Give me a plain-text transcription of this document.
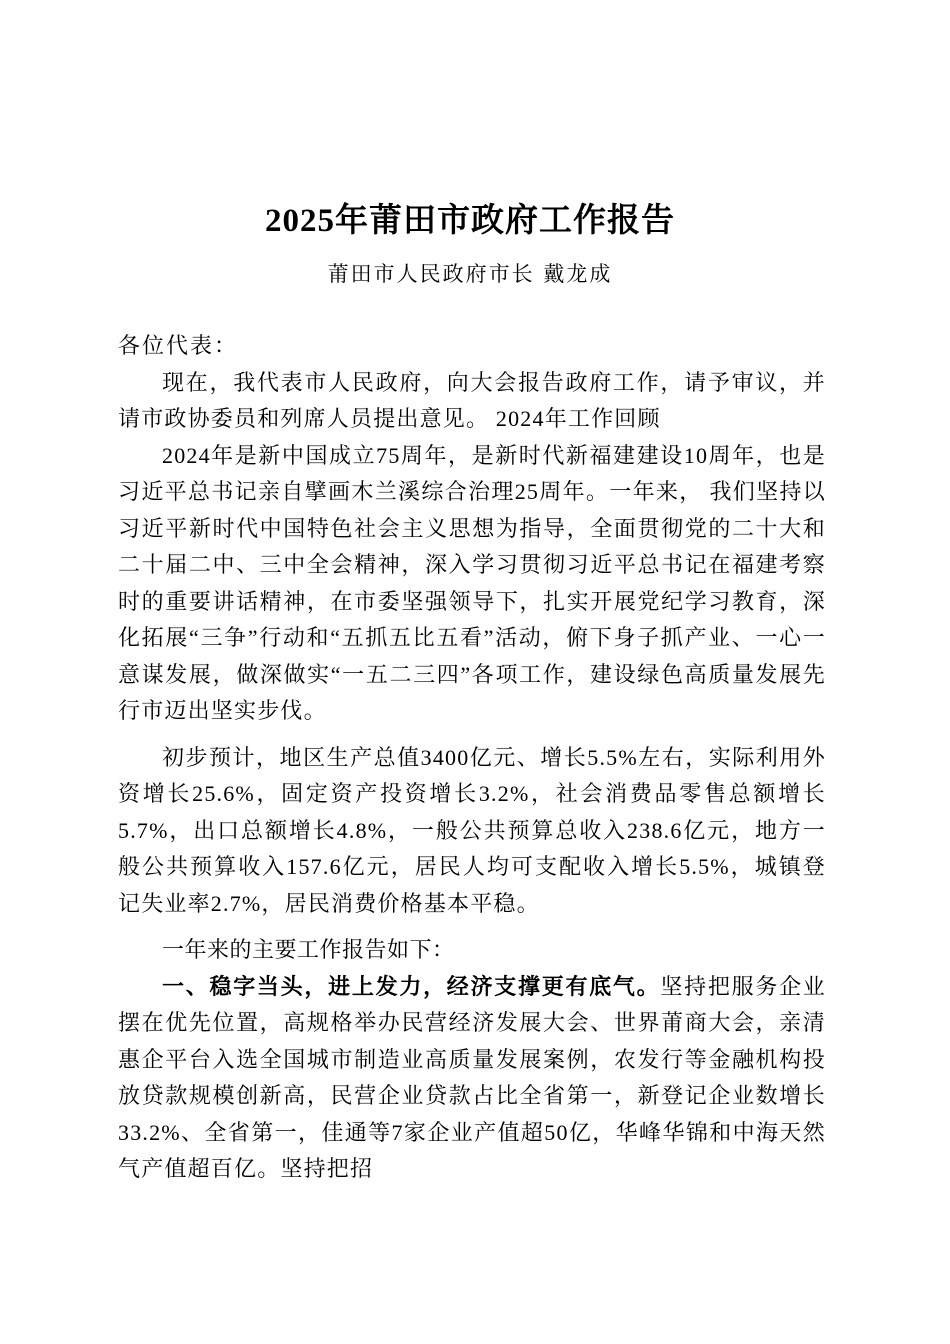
2025年莆田市政府工作报告

莆田市人民政府市长 戴龙成

各位代表：

现在，我代表市人民政府，向大会报告政府工作，请予审议，并请市政协委员和列席人员提出意见。 2024年工作回顾

2024年是新中国成立75周年，是新时代新福建建设10周年，也是习近平总书记亲自擘画木兰溪综合治理25周年。一年来， 我们坚持以习近平新时代中国特色社会主义思想为指导，全面贯彻党的二十大和二十届二中、三中全会精神，深入学习贯彻习近平总书记在福建考察时的重要讲话精神，在市委坚强领导下，扎实开展党纪学习教育，深化拓展“三争”行动和“五抓五比五看”活动，俯下身子抓产业、一心一意谋发展，做深做实“一五二三四”各项工作，建设绿色高质量发展先行市迈出坚实步伐。

初步预计，地区生产总值3400亿元、增长5.5%左右，实际利用外资增长25.6%，固定资产投资增长3.2%，社会消费品零售总额增长5.7%，出口总额增长4.8%，一般公共预算总收入238.6亿元，地方一般公共预算收入157.6亿元，居民人均可支配收入增长5.5%，城镇登记失业率2.7%，居民消费价格基本平稳。

一年来的主要工作报告如下：

一、稳字当头，进上发力，经济支撑更有底气。坚持把服务企业摆在优先位置，高规格举办民营经济发展大会、世界莆商大会，亲清惠企平台入选全国城市制造业高质量发展案例，农发行等金融机构投放贷款规模创新高，民营企业贷款占比全省第一，新登记企业数增长33.2%、全省第一，佳通等7家企业产值超50亿，华峰华锦和中海天然气产值超百亿。坚持把招
